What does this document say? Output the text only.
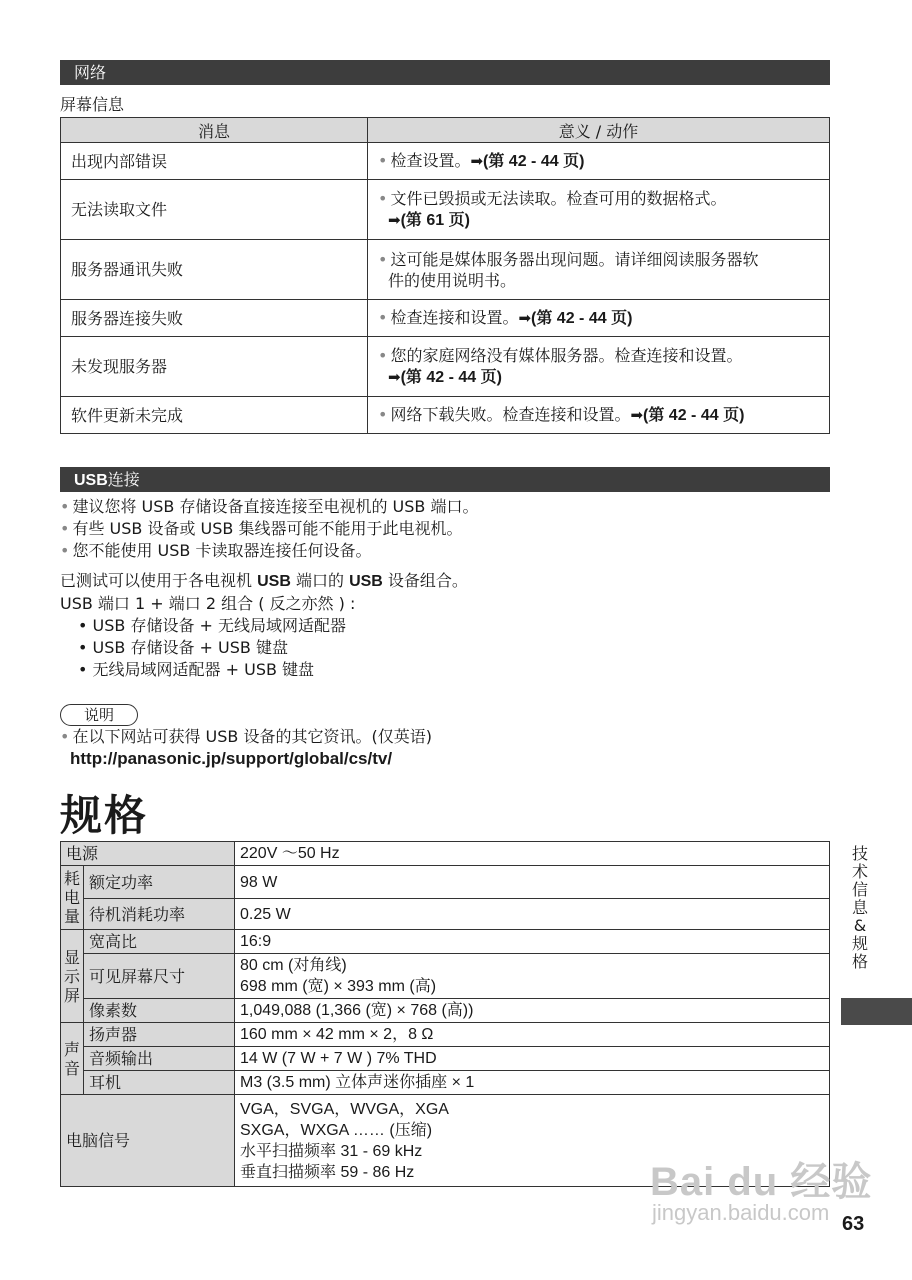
网络
屏幕信息
消息	意义 / 动作
出现内部错误	• 检查设置。➡(第 42 - 44 页)
无法读取文件	• 文件已毁损或无法读取。检查可用的数据格式。
➡(第 61 页)
服务器通讯失败	• 这可能是媒体服务器出现问题。请详细阅读服务器软
件的使用说明书。
服务器连接失败	• 检查连接和设置。➡(第 42 - 44 页)
未发现服务器	• 您的家庭网络没有媒体服务器。检查连接和设置。
➡(第 42 - 44 页)
软件更新未完成	• 网络下载失败。检查连接和设置。➡(第 42 - 44 页)
USB连接

• 建议您将 USB 存储设备直接连接至电视机的 USB 端口。

• 有些 USB 设备或 USB 集线器可能不能用于此电视机。

• 您不能使用 USB 卡读取器连接任何设备。

已测试可以使用于各电视机 USB 端口的 USB 设备组合。

USB 端口 1 + 端口 2 组合 ( 反之亦然 ) :

• USB 存储设备 + 无线局域网适配器

• USB 存储设备 + USB 键盘

• 无线局域网适配器 + USB 键盘

说明
• 在以下网站可获得 USB 设备的其它资讯。(仅英语)
http://panasonic.jp/support/global/cs/tv/
规格
电源		220V ～50 Hz

耗
电
量	额定功率	98 W
	待机消耗功率	0.25 W

显
示
屏	宽高比	16:9
	可见屏幕尺寸	80 cm (对角线)
698 mm (宽) × 393 mm (高)

	像素数	1,049,088 (1,366 (宽) × 768 (高))

声
音	扬声器	160 mm × 42 mm × 2，8 Ω
	音频输出	14 W (7 W + 7 W ) 7% THD
	耳机	M3 (3.5 mm) 立体声迷你插座 × 1
电脑信号		VGA，SVGA，WVGA，XGA
SXGA，WXGA …… (压缩)
水平扫描频率 31 - 69 kHz
垂直扫描频率 59 - 86 Hz
技
术
信
息
&
规
格
Bai du 经验
jingyan.baidu.com 63
